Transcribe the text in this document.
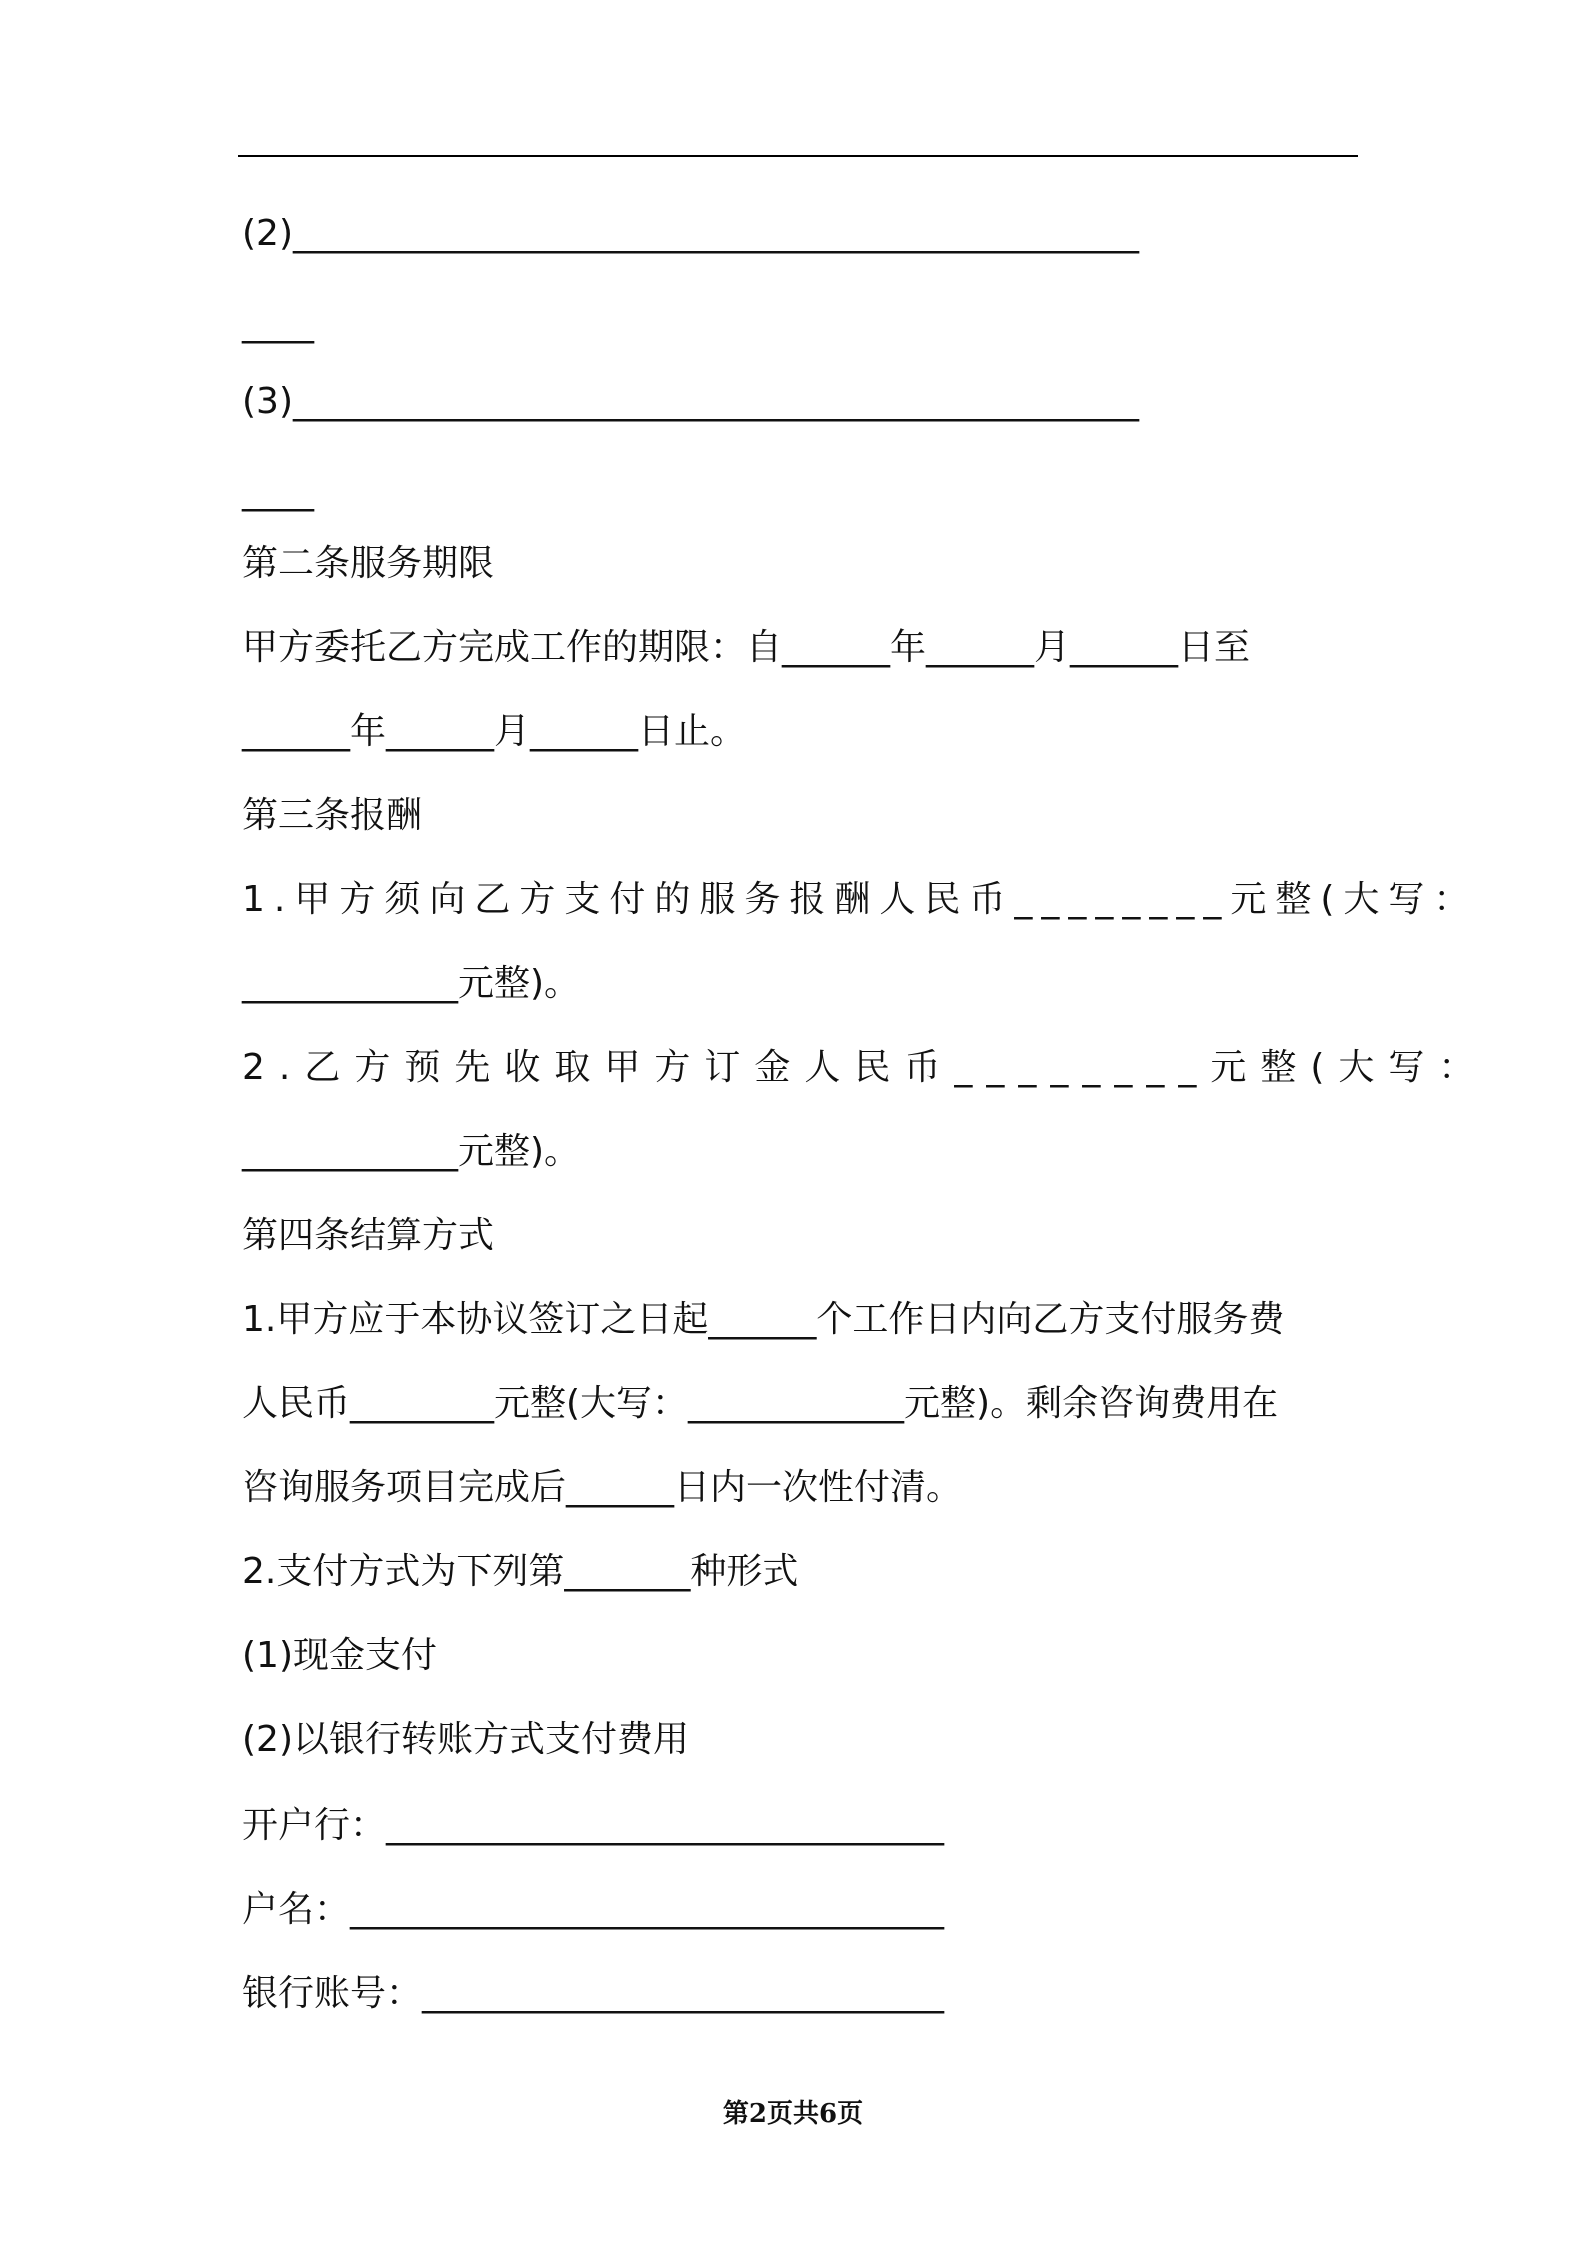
(2)_______________________________________________
____
(3)_______________________________________________
____
第二条服务期限
甲方委托乙方完成工作的期限：自______年______月______日至
______年______月______日止。
第三条报酬
1.甲方须向乙方支付的服务报酬人民币________元整(大写：
____________元整)。
2.乙方预先收取甲方订金人民币________元整(大写：
____________元整)。
第四条结算方式
1.甲方应于本协议签订之日起______个工作日内向乙方支付服务费
人民币________元整(大写：____________元整)。剩余咨询费用在
咨询服务项目完成后______日内一次性付清。
2.支付方式为下列第_______种形式
(1)现金支付
(2)以银行转账方式支付费用
开户行：_______________________________
户名：_________________________________
银行账号：_____________________________
第2页共6页
